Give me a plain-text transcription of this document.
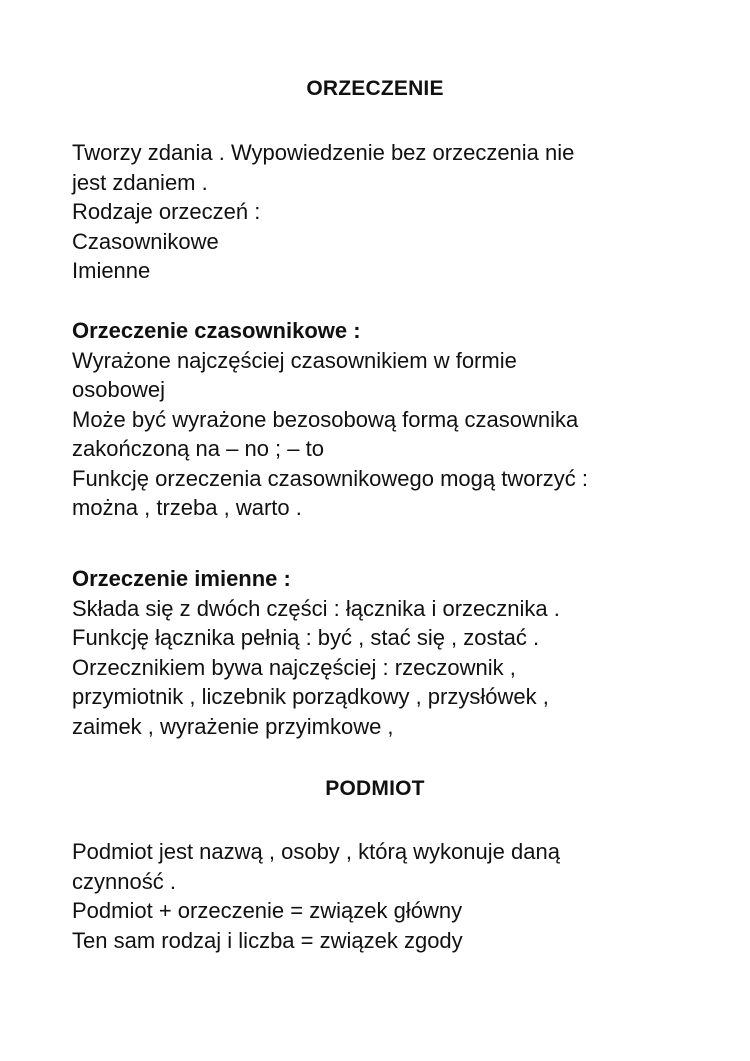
ORZECZENIE
Tworzy zdania . Wypowiedzenie bez orzeczenia nie
jest zdaniem .
Rodzaje orzeczeń :
Czasownikowe
Imienne
Orzeczenie czasownikowe :
Wyrażone najczęściej czasownikiem w formie
osobowej
Może być wyrażone bezosobową formą czasownika
zakończoną na – no ; – to
Funkcję orzeczenia czasownikowego mogą tworzyć :
można , trzeba , warto .
Orzeczenie imienne :
Składa się z dwóch części : łącznika i orzecznika .
Funkcję łącznika pełnią : być , stać się , zostać .
Orzecznikiem bywa najczęściej : rzeczownik ,
przymiotnik , liczebnik porządkowy , przysłówek ,
zaimek , wyrażenie przyimkowe ,
PODMIOT
Podmiot jest nazwą , osoby , którą wykonuje daną
czynność .
Podmiot + orzeczenie = związek główny
Ten sam rodzaj i liczba = związek zgody
